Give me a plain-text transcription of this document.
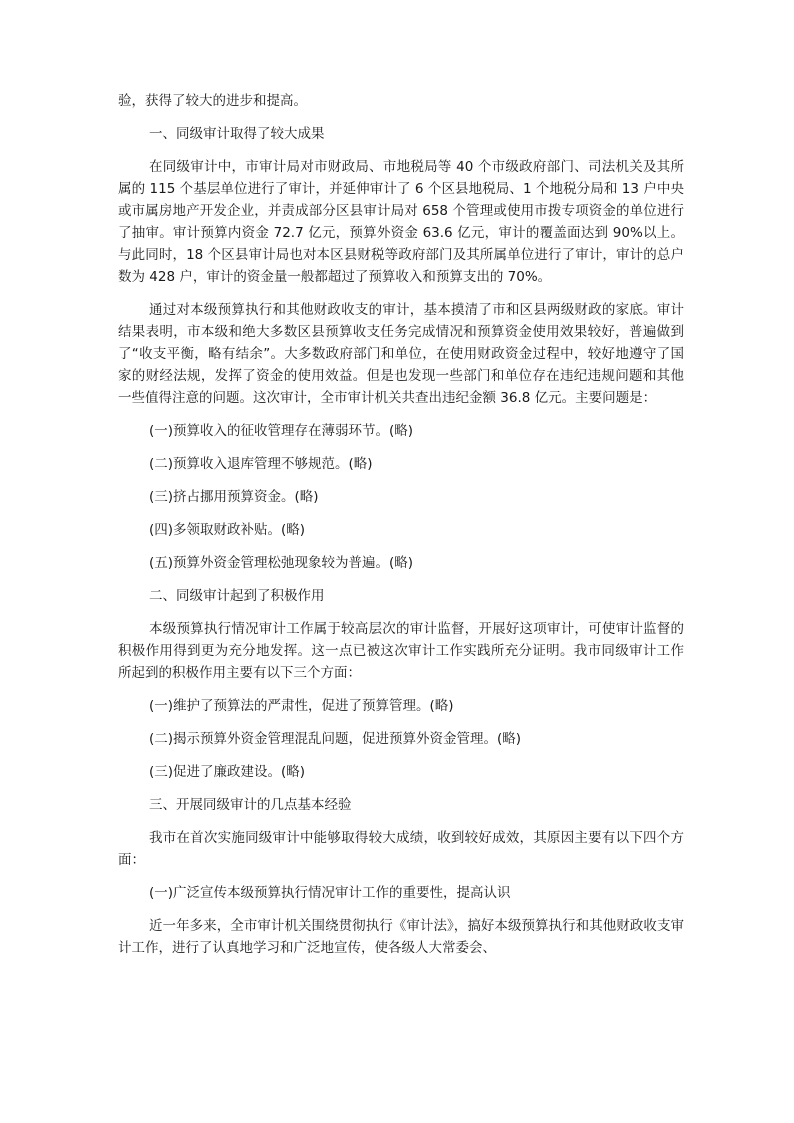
验，获得了较大的进步和提高。

一、同级审计取得了较大成果

在同级审计中，市审计局对市财政局、市地税局等 40 个市级政府部门、司法机关及其所属的 115 个基层单位进行了审计，并延伸审计了 6 个区县地税局、1 个地税分局和 13 户中央或市属房地产开发企业，并责成部分区县审计局对 658 个管理或使用市拨专项资金的单位进行了抽审。审计预算内资金 72.7 亿元，预算外资金 63.6 亿元，审计的覆盖面达到 90%以上。与此同时，18 个区县审计局也对本区县财税等政府部门及其所属单位进行了审计，审计的总户数为 428 户，审计的资金量一般都超过了预算收入和预算支出的 70%。

通过对本级预算执行和其他财政收支的审计，基本摸清了市和区县两级财政的家底。审计结果表明，市本级和绝大多数区县预算收支任务完成情况和预算资金使用效果较好，普遍做到了“收支平衡，略有结余”。大多数政府部门和单位，在使用财政资金过程中，较好地遵守了国家的财经法规，发挥了资金的使用效益。但是也发现一些部门和单位存在违纪违规问题和其他一些值得注意的问题。这次审计，全市审计机关共查出违纪金额 36.8 亿元。主要问题是：

(一)预算收入的征收管理存在薄弱环节。(略)

(二)预算收入退库管理不够规范。(略)

(三)挤占挪用预算资金。(略)

(四)多领取财政补贴。(略)

(五)预算外资金管理松弛现象较为普遍。(略)

二、同级审计起到了积极作用

本级预算执行情况审计工作属于较高层次的审计监督，开展好这项审计，可使审计监督的积极作用得到更为充分地发挥。这一点已被这次审计工作实践所充分证明。我市同级审计工作所起到的积极作用主要有以下三个方面：

(一)维护了预算法的严肃性，促进了预算管理。(略)

(二)揭示预算外资金管理混乱问题，促进预算外资金管理。(略)

(三)促进了廉政建设。(略)

三、开展同级审计的几点基本经验

我市在首次实施同级审计中能够取得较大成绩，收到较好成效，其原因主要有以下四个方面：

(一)广泛宣传本级预算执行情况审计工作的重要性，提高认识

近一年多来，全市审计机关围绕贯彻执行《审计法》，搞好本级预算执行和其他财政收支审计工作，进行了认真地学习和广泛地宣传，使各级人大常委会、
